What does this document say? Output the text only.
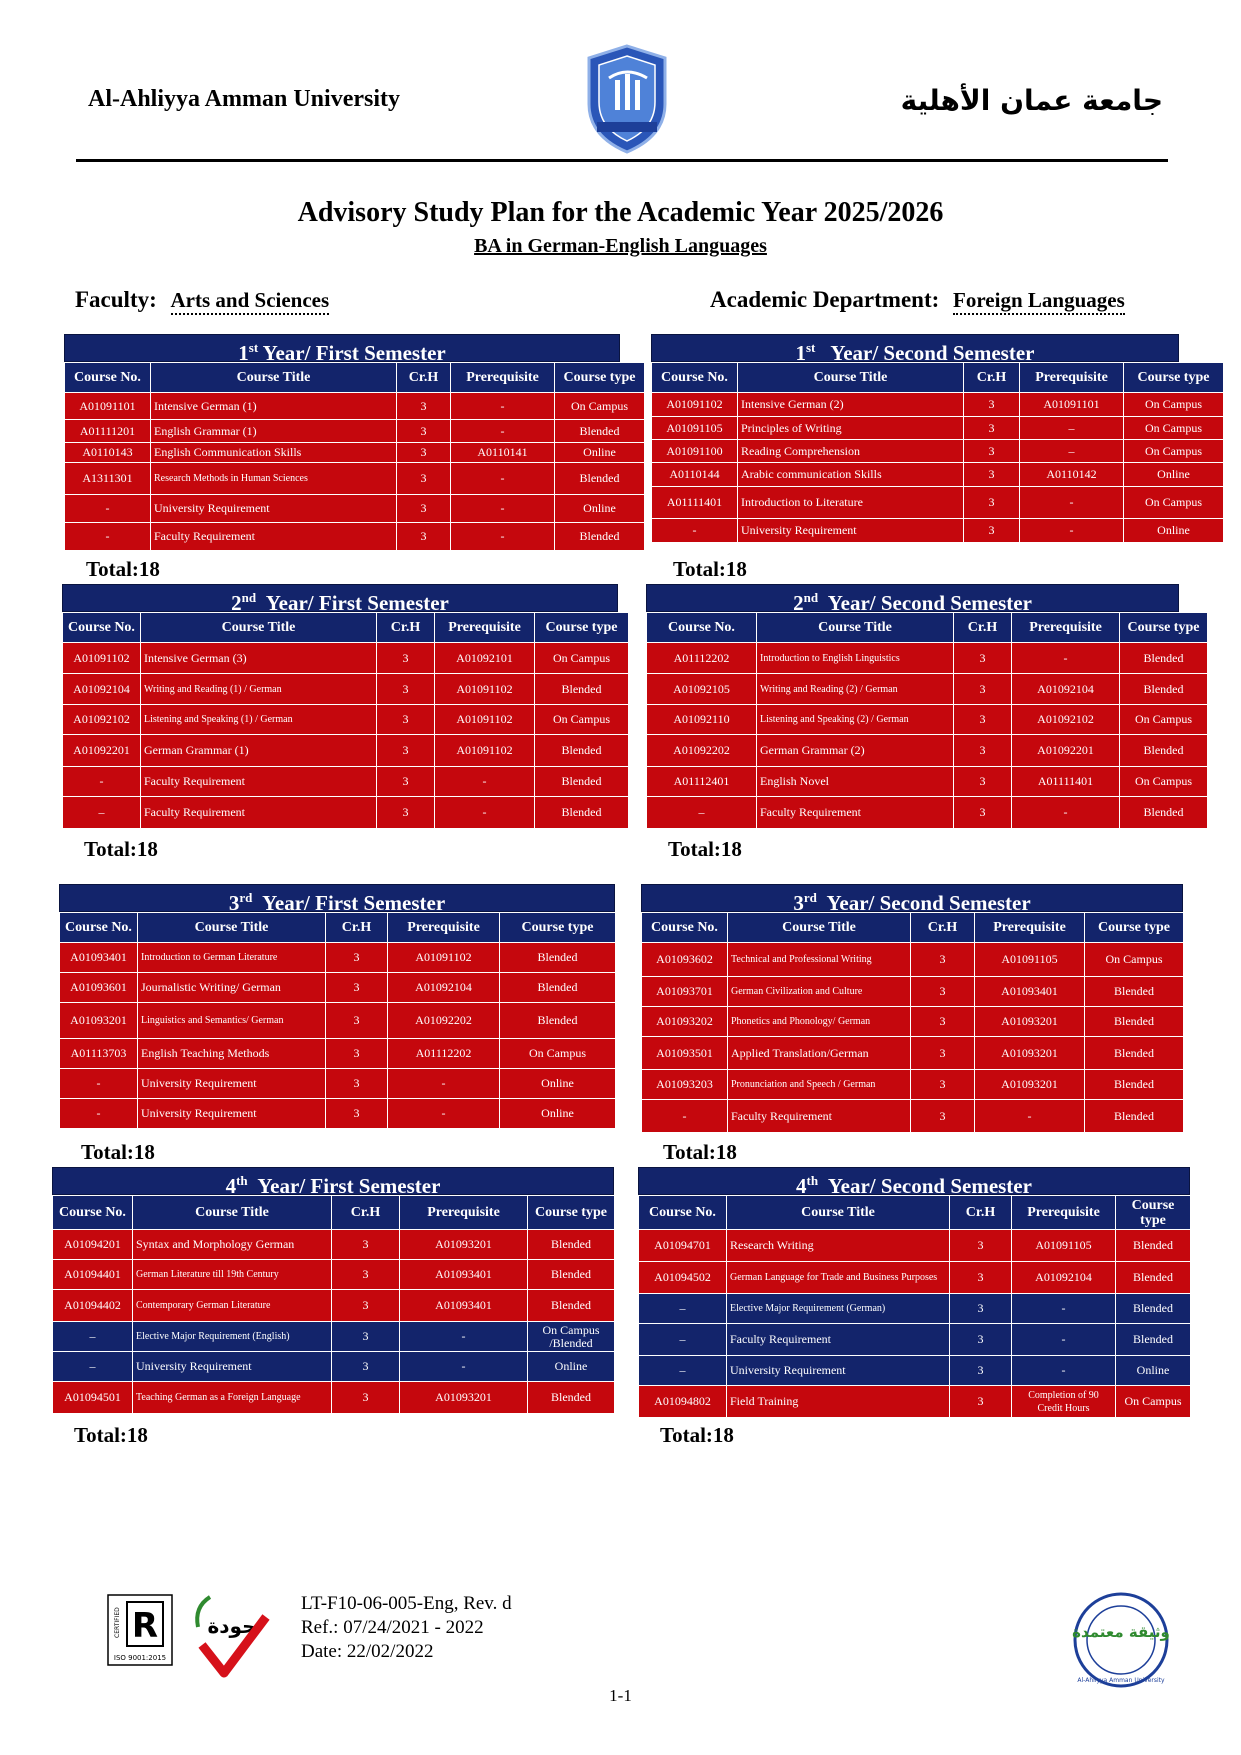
Al-Ahliyya Amman University	جامعة عمان الأهلية
Advisory Study Plan for the Academic Year 2025/2026
BA in German-English Languages
Faculty: Arts and Sciences	Academic Department: Foreign Languages
1st Year/ First Semester
Course No.	Course Title	Cr.H	Prerequisite	Course type
A01091101	Intensive German (1)	3	-	On Campus
A01111201	English Grammar (1)	3	-	Blended
A0110143	English Communication Skills	3	A0110141	Online
A1311301	Research Methods in Human Sciences	3	-	Blended
-	University Requirement	3	-	Online
-	Faculty Requirement	3	-	Blended
Total:18
1st   Year/ Second Semester
Course No.	Course Title	Cr.H	Prerequisite	Course type
A01091102	Intensive German (2)	3	A01091101	On Campus
A01091105	Principles of Writing	3	–	On Campus
A01091100	Reading Comprehension	3	–	On Campus
A0110144	Arabic communication Skills	3	A0110142	Online
A01111401	Introduction to Literature	3	-	On Campus
-	University Requirement	3	-	Online
Total:18
2nd  Year/ First Semester
Course No.	Course Title	Cr.H	Prerequisite	Course type
A01091102	Intensive German (3)	3	A01092101	On Campus
A01092104	Writing and Reading (1) / German	3	A01091102	Blended
A01092102	Listening and Speaking (1) / German	3	A01091102	On Campus
A01092201	German Grammar (1)	3	A01091102	Blended
-	Faculty Requirement	3	-	Blended
–	Faculty Requirement	3	-	Blended
Total:18
2nd  Year/ Second Semester
Course No.	Course Title	Cr.H	Prerequisite	Course type
A01112202	Introduction to English Linguistics	3	-	Blended
A01092105	Writing and Reading (2) / German	3	A01092104	Blended
A01092110	Listening and Speaking (2) / German	3	A01092102	On Campus
A01092202	German Grammar (2)	3	A01092201	Blended
A01112401	English Novel	3	A01111401	On Campus
–	Faculty Requirement	3	-	Blended
Total:18
3rd  Year/ First Semester
Course No.	Course Title	Cr.H	Prerequisite	Course type
A01093401	Introduction to German Literature	3	A01091102	Blended
A01093601	Journalistic Writing/ German	3	A01092104	Blended
A01093201	Linguistics and Semantics/ German	3	A01092202	Blended
A01113703	English Teaching Methods	3	A01112202	On Campus
-	University Requirement	3	-	Online
-	University Requirement	3	-	Online
Total:18
3rd  Year/ Second Semester
Course No.	Course Title	Cr.H	Prerequisite	Course type
A01093602	Technical and Professional Writing	3	A01091105	On Campus
A01093701	German Civilization and Culture	3	A01093401	Blended
A01093202	Phonetics and Phonology/ German	3	A01093201	Blended
A01093501	Applied Translation/German	3	A01093201	Blended
A01093203	Pronunciation and Speech / German	3	A01093201	Blended
-	Faculty Requirement	3	-	Blended
Total:18
4th  Year/ First Semester
Course No.	Course Title	Cr.H	Prerequisite	Course type
A01094201	Syntax and Morphology German	3	A01093201	Blended
A01094401	German Literature till 19th Century	3	A01093401	Blended
A01094402	Contemporary German Literature	3	A01093401	Blended
–	Elective Major Requirement (English)	3	-	On Campus /Blended
–	University Requirement	3	-	Online
A01094501	Teaching German as a Foreign Language	3	A01093201	Blended
Total:18
4th  Year/ Second Semester
Course No.	Course Title	Cr.H	Prerequisite	Course type
A01094701	Research Writing	3	A01091105	Blended
A01094502	German Language for Trade and Business Purposes	3	A01092104	Blended
–	Elective Major Requirement (German)	3	-	Blended
–	Faculty Requirement	3	-	Blended
–	University Requirement	3	-	Online
A01094802	Field Training	3	Completion of 90 Credit Hours	On Campus
Total:18
LT-F10-06-005-Eng, Rev. d
Ref.: 07/24/2021 - 2022
Date: 22/02/2022
1-1
R
ISO 9001:2015
CERTIFIED	جودة	وثيقة معتمدة
Al-Ahliyya Amman University
